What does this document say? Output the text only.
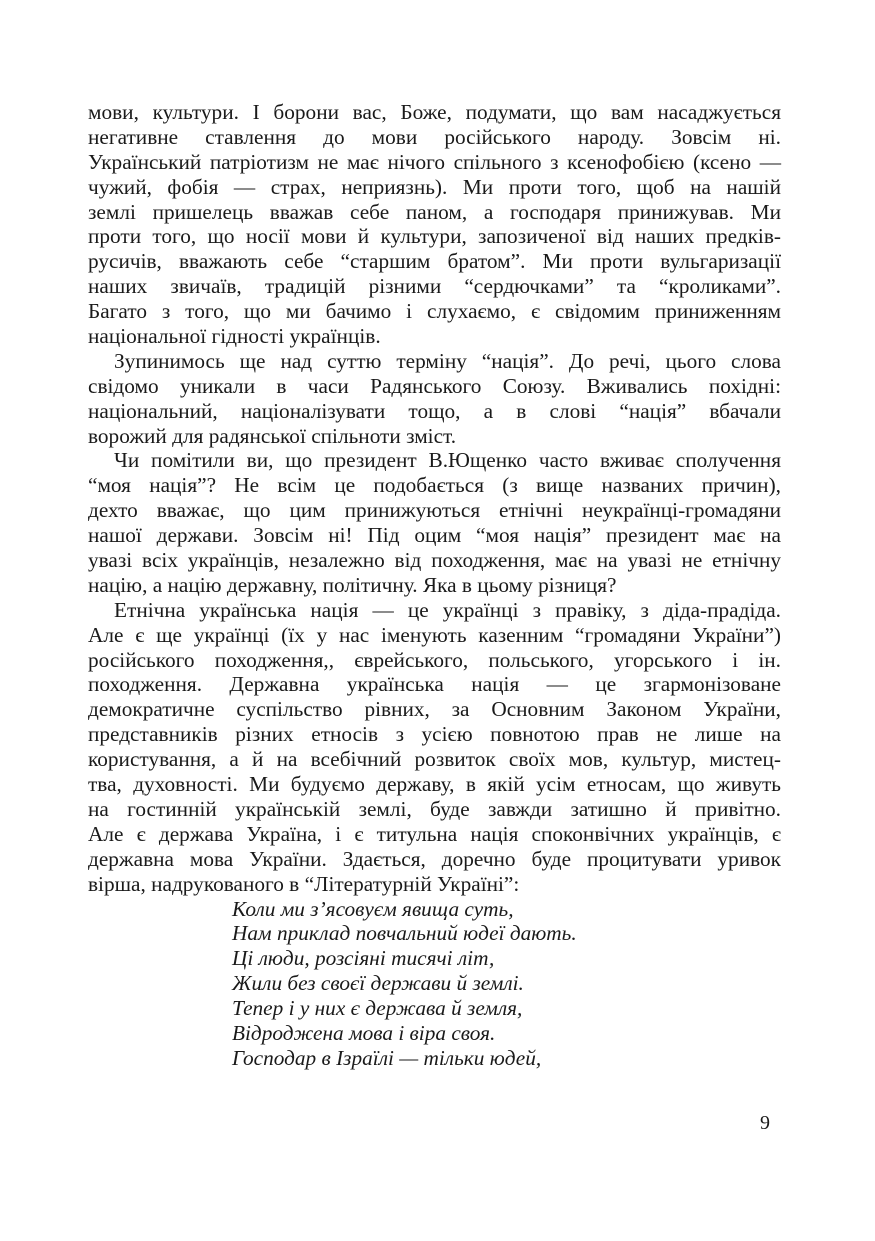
мови, культури. І борони вас, Боже, подумати, що вам насаджується
негативне ставлення до мови російського народу. Зовсім ні.
Український патріотизм не має нічого спільного з ксенофобією (ксено —
чужий, фобія — страх, неприязнь). Ми проти того, щоб на нашій
землі пришелець вважав себе паном, а господаря принижував. Ми
проти того, що носії мови й культури, запозиченої від наших предків-
русичів, вважають себе “старшим братом”. Ми проти вульгаризації
наших звичаїв, традицій різними “сердючками” та “кроликами”.
Багато з того, що ми бачимо і слухаємо, є свідомим приниженням
національної гідності українців.
Зупинимось ще над суттю терміну “нація”. До речі, цього слова
свідомо уникали в часи Радянського Союзу. Вживались похідні:
національний, націоналізувати тощо, а в слові “нація” вбачали
ворожий для радянської спільноти зміст.
Чи помітили ви, що президент В.Ющенко часто вживає сполучення
“моя нація”? Не всім це подобається (з вище названих причин),
дехто вважає, що цим принижуються етнічні неукраїнці-громадяни
нашої держави. Зовсім ні! Під оцим “моя нація” президент має на
увазі всіх українців, незалежно від походження, має на увазі не етнічну
націю, а націю державну, політичну. Яка в цьому різниця?
Етнічна українська нація — це українці з правіку, з діда-прадіда.
Але є ще українці (їх у нас іменують казенним “громадяни України”)
російського походження,, єврейського, польського, угорського і ін.
походження. Державна українська нація — це згармонізоване
демократичне суспільство рівних, за Основним Законом України,
представників різних етносів з усією повнотою прав не лише на
користування, а й на всебічний розвиток своїх мов, культур, мистец-
тва, духовності. Ми будуємо державу, в якій усім етносам, що живуть
на гостинній українській землі, буде завжди затишно й привітно.
Але є держава Україна, і є титульна нація споконвічних українців, є
державна мова України. Здається, доречно буде процитувати уривок
вірша, надрукованого в “Літературній Україні”:
Коли ми з’ясовуєм явища суть,
Нам приклад повчальний юдеї дають.
Ці люди, розсіяні тисячі літ,
Жили без своєї держави й землі.
Тепер і у них є держава й земля,
Відроджена мова і віра своя.
Господар в Ізраїлі — тільки юдей,
9
